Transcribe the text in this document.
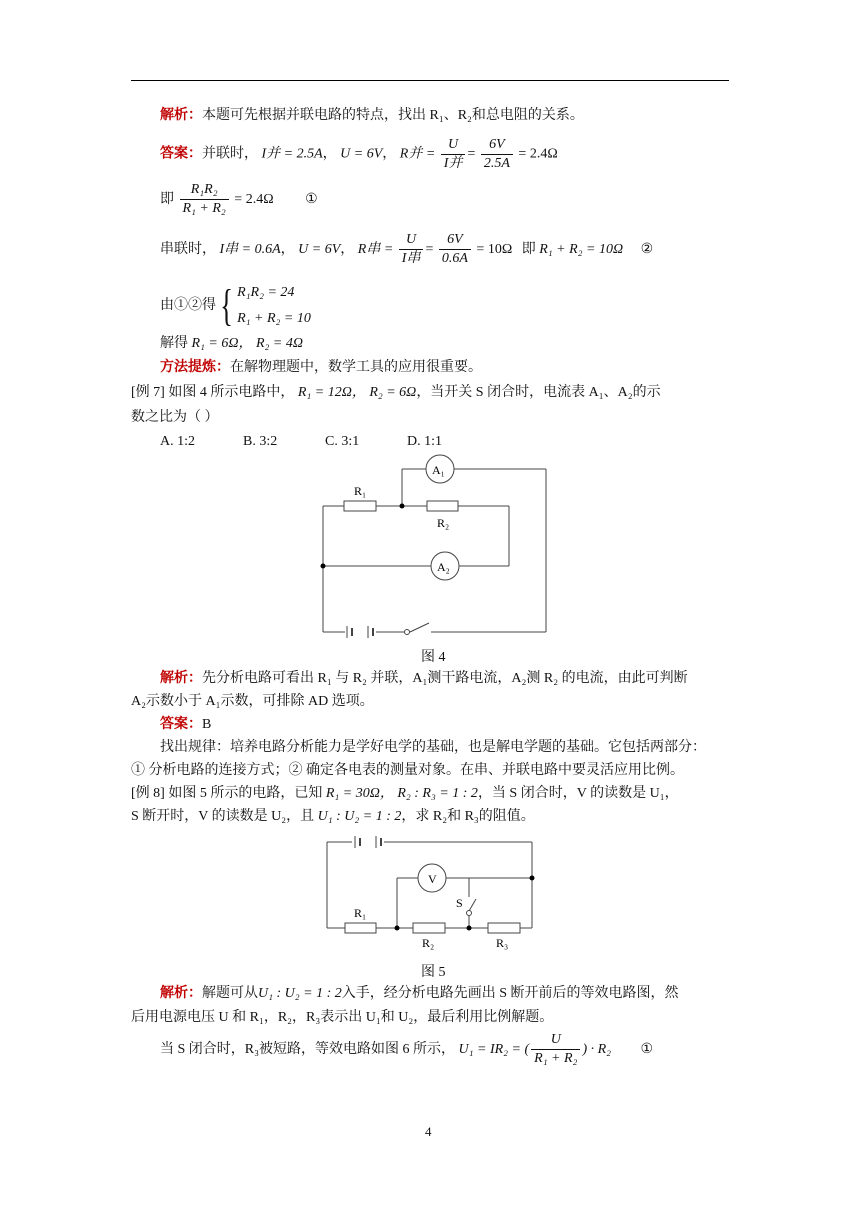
解析：本题可先根据并联电路的特点，找出 R₁、R₂和总电阻的关系。
答案：并联时， I并 = 2.5A， U = 6V， R并 = $\frac{U}{\text{I并}} = \frac{6V}{2.5A} = 2.4\Omega$
即 $\frac{\text{R₁R₂}}{\text{R₁ + R₂}} = 2.4\Omega$ ①
串联时， I串 = 0.6A， U = 6V， R串 = $\frac{U}{\text{I串}} = \frac{6V}{0.6A} = 10\Omega$ 即 R₁ + R₂ = 10Ω ②
由①②得{ R₁R₂ = 24
R₁ + R₂ = 10
解得 R₁ = 6Ω， R₂ = 4Ω
方法提炼：在解物理题中，数学工具的应用很重要。
[例 7] 如图 4 所示电路中， R₁ = 12Ω， R₂ = 6Ω，当开关 S 闭合时，电流表 A₁、A₂的示
数之比为（ ）
A. 1:2	B. 3:2	C. 3:1	D. 1:1
R₁
R₂
A₁
A₂
图 4
解析：先分析电路可看出 R₁ 与 R₂ 并联，A₁测干路电流，A₂测 R₂ 的电流，由此可判断
A₂示数小于 A₁示数，可排除 AD 选项。
答案：B
找出规律：培养电路分析能力是学好电学的基础，也是解电学题的基础。它包括两部分：
① 分析电路的连接方式；② 确定各电表的测量对象。在串、并联电路中要灵活应用比例。
[例 8] 如图 5 所示的电路，已知 R₁ = 30Ω， R₂ : R₃ = 1 : 2，当 S 闭合时，V 的读数是 U₁，
S 断开时，V 的读数是 U₂，且 U₁ : U₂ = 1 : 2，求 R₂和 R₃的阻值。
V
S
R₁
R₂	R₃
图 5
解析：解题可从U₁ : U₂ = 1 : 2入手，经分析电路先画出 S 断开前后的等效电路图，然
后用电源电压 U 和 R₁，R₂，R₃表示出 U₁和 U₂，最后利用比例解题。
当 S 闭合时，R₃被短路，等效电路如图 6 所示， U₁ = IR₂ = ( $\frac{U}{\text{R₁ + R₂}}$ ) · R₂ ①
4
